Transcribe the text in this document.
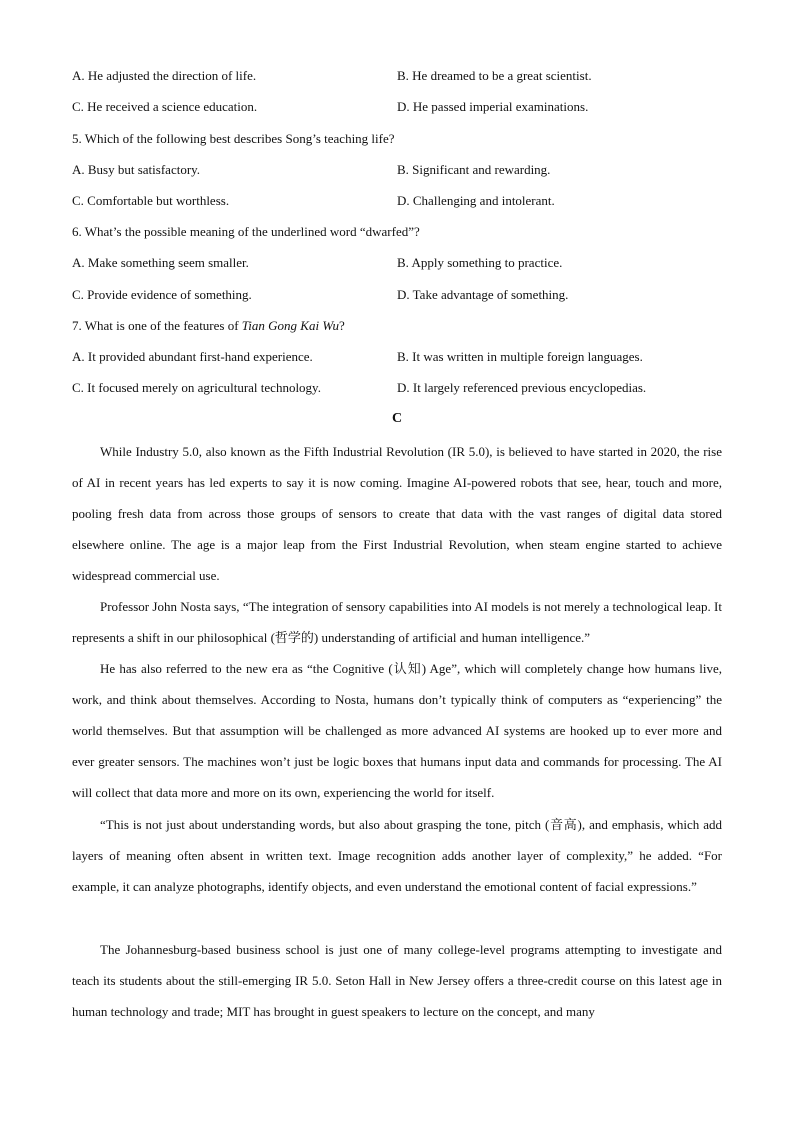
A. He adjusted the direction of life.	B. He dreamed to be a great scientist.
C. He received a science education.	D. He passed imperial examinations.
5. Which of the following best describes Song’s teaching life?
A. Busy but satisfactory.	B. Significant and rewarding.
C. Comfortable but worthless.	D. Challenging and intolerant.
6. What’s the possible meaning of the underlined word “dwarfed”?
A. Make something seem smaller.	B. Apply something to practice.
C. Provide evidence of something.	D. Take advantage of something.
7. What is one of the features of Tian Gong Kai Wu?
A. It provided abundant first-hand experience.	B. It was written in multiple foreign languages.
C. It focused merely on agricultural technology.	D. It largely referenced previous encyclopedias.
C

While Industry 5.0, also known as the Fifth Industrial Revolution (IR 5.0), is believed to have started in 2020, the rise of AI in recent years has led experts to say it is now coming. Imagine AI-powered robots that see, hear, touch and more, pooling fresh data from across those groups of sensors to create that data with the vast ranges of digital data stored elsewhere online. The age is a major leap from the First Industrial Revolution, when steam engine started to achieve widespread commercial use.

Professor John Nosta says, “The integration of sensory capabilities into AI models is not merely a technological leap. It represents a shift in our philosophical (哲学的) understanding of artificial and human intelligence.”

He has also referred to the new era as “the Cognitive (认知) Age”, which will completely change how humans live, work, and think about themselves. According to Nosta, humans don’t typically think of computers as “experiencing” the world themselves. But that assumption will be challenged as more advanced AI systems are hooked up to ever more and ever greater sensors. The machines won’t just be logic boxes that humans input data and commands for processing. The AI will collect that data more and more on its own, experiencing the world for itself.

“This is not just about understanding words, but also about grasping the tone, pitch (音高), and emphasis, which add layers of meaning often absent in written text. Image recognition adds another layer of complexity,” he added. “For example, it can analyze photographs, identify objects, and even understand the emotional content of facial expressions.”

The Johannesburg-based business school is just one of many college-level programs attempting to investigate and teach its students about the still-emerging IR 5.0. Seton Hall in New Jersey offers a three-credit course on this latest age in human technology and trade; MIT has brought in guest speakers to lecture on the concept, and many
